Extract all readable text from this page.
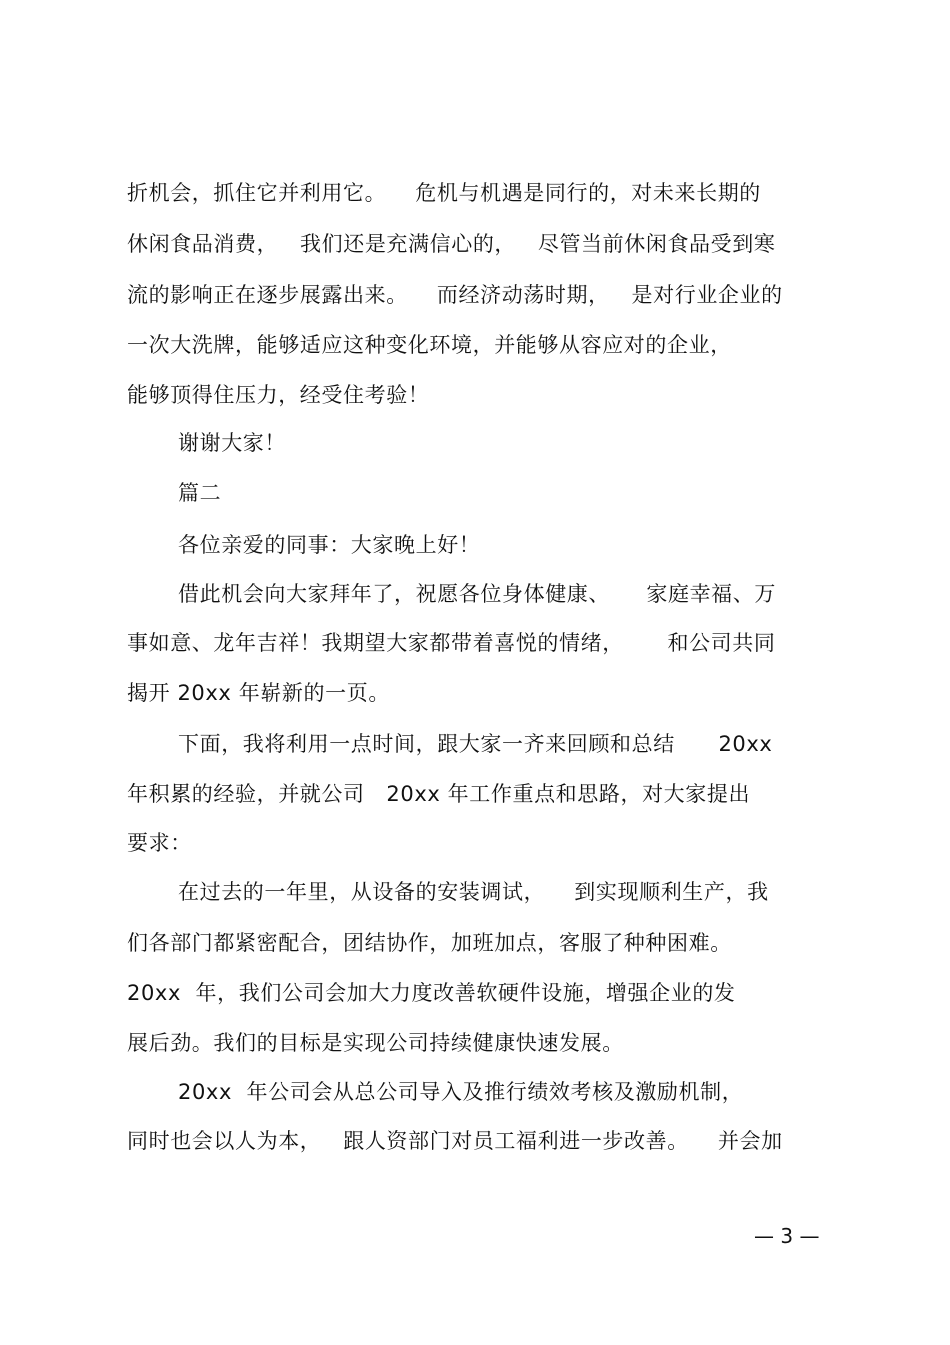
折机会，抓住它并利用它。    危机与机遇是同行的，对未来长期的
休闲食品消费，   我们还是充满信心的，   尽管当前休闲食品受到寒
流的影响正在逐步展露出来。    而经济动荡时期，   是对行业企业的
一次大洗牌，能够适应这种变化环境，并能够从容应对的企业，
能够顶得住压力，经受住考验！
谢谢大家！
篇二
各位亲爱的同事：大家晚上好！
借此机会向大家拜年了，祝愿各位身体健康、     家庭幸福、万
事如意、龙年吉祥！我期望大家都带着喜悦的情绪，      和公司共同
揭开 20xx 年崭新的一页。
下面，我将利用一点时间，跟大家一齐来回顾和总结      20xx
年积累的经验，并就公司   20xx 年工作重点和思路，对大家提出
要求：
在过去的一年里，从设备的安装调试，    到实现顺利生产，我
们各部门都紧密配合，团结协作，加班加点，客服了种种困难。
20xx  年，我们公司会加大力度改善软硬件设施，增强企业的发
展后劲。我们的目标是实现公司持续健康快速发展。
20xx  年公司会从总公司导入及推行绩效考核及激励机制，
同时也会以人为本，   跟人资部门对员工福利进一步改善。    并会加
— 3 —
